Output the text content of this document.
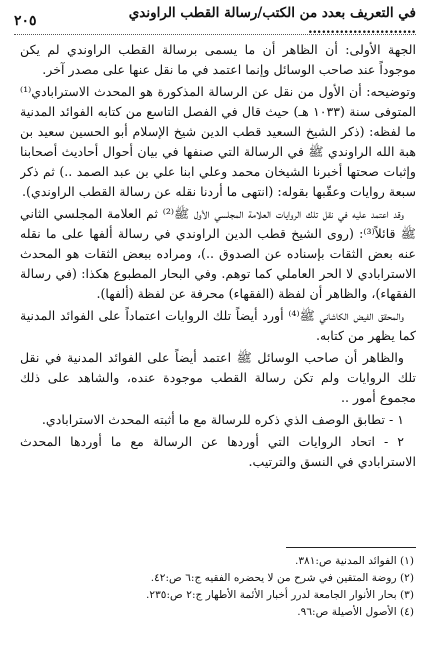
في التعريف بعدد من الكتب/رسالة القطب الراوندي ……………………
٢٠٥

الجهة الأولى: أن الظاهر أن ما يسمى برسالة القطب الراوندي لم يكن موجوداً عند صاحب الوسائل وإنما اعتمد في ما نقل عنها على مصدر آخر.

وتوضيحه: أن الأول من نقل عن الرسالة المذكورة هو المحدث الاسترابادي⁽¹⁾ المتوفى سنة (١٠٣٣ هـ) حيث قال في الفصل التاسع من كتابه الفوائد المدنية ما لفظه: (ذكر الشيخ السعيد قطب الدين شيخ الإسلام أبو الحسين سعيد بن هبة الله الراوندي ﷺ في الرسالة التي صنفها في بيان أحوال أحاديث أصحابنا وإثبات صحتها أخبرنا الشيخان محمد وعلي ابنا علي بن عبد الصمد ..) ثم ذكر سبعة روايات وعقّبها بقوله: (انتهى ما أردنا نقله عن رسالة القطب الراوندي).

وقد اعتمد عليه في نقل تلك الروايات العلامة المجلسي الأول ﷺ⁽²⁾ ثم العلامة المجلسي الثاني ﷺ قائلاً⁽³⁾: (روى الشيخ قطب الدين الراوندي في رسالة ألفها على ما نقله عنه بعض الثقات بإسناده عن الصدوق ..)، ومراده ببعض الثقات هو المحدث الاسترابادي لا الحر العاملي كما توهم. وفي البحار المطبوع هكذا: (في رسالة الفقهاء)، والظاهر أن لفظة (الفقهاء) محرفة عن لفظة (ألفها).

والمحقق الفيض الكاشاني ﷺ⁽⁴⁾ أورد أيضاً تلك الروايات اعتماداً على الفوائد المدنية كما يظهر من كتابه.

والظاهر أن صاحب الوسائل ﷺ اعتمد أيضاً على الفوائد المدنية في نقل تلك الروايات ولم تكن رسالة القطب موجودة عنده، والشاهد على ذلك مجموع أمور ..

١ - تطابق الوصف الذي ذكره للرسالة مع ما أثبته المحدث الاسترابادي.

٢ - اتحاد الروايات التي أوردها عن الرسالة مع ما أوردها المحدث الاسترابادي في النسق والترتيب.

(١) الفوائد المدنية ص:٣٨١.
(٢) روضة المتقين في شرح من لا يحضره الفقيه ج:٦ ص:٤٢.
(٣) بحار الأنوار الجامعة لدرر أخبار الأئمة الأطهار ج:٢ ص:٢٣٥.
(٤) الأصول الأصيلة ص:٩٦.
